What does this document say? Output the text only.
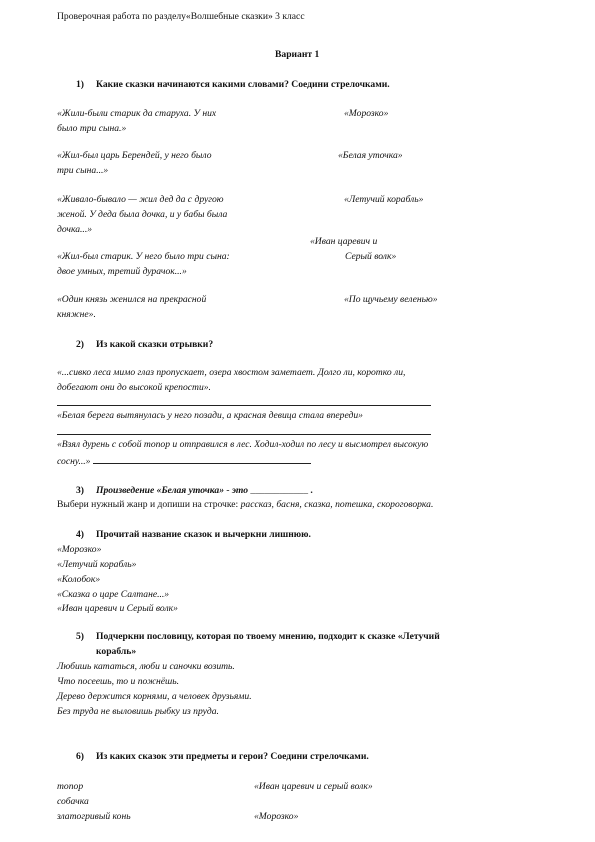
Проверочная работа по разделу«Волшебные сказки» 3 класс
Вариант 1
1) Какие сказки начинаются какими словами? Соедини стрелочками.
«Жили-были старик да старуха. У них
было три сына.»
«Жил-был царь Берендей, у него было
три сына...»
«Живало-бывало — жил дед да с другою
женой. У деда была дочка, и у бабы была
дочка...»
«Жил-был старик. У него было три сына:
двое умных, третий дурачок...»
«Один князь женился на прекрасной
княжне».
«Морозко»
«Белая уточка»
«Летучий корабль»
«Иван царевич и
Серый волк»
«По щучьему веленью»
2) Из какой сказки отрывки?
«...сивко леса мимо глаз пропускает, озера хвостом заметает. Долго ли, коротко ли,
добегают они до высокой крепости».
«Белая берега вытянулась у него позади, а красная девица стала впереди»
«Взял дурень с собой топор и отправился в лес. Ходил-ходил по лесу и высмотрел высокую
сосну...»
3) Произведение «Белая уточка» - это ____________ .
Выбери нужный жанр и допиши на строчке: рассказ, басня, сказка, потешка, скороговорка.
4) Прочитай название сказок и вычеркни лишнюю.
«Морозко»
«Летучий корабль»
«Колобок»
«Сказка о царе Салтане...»
«Иван царевич и Серый волк»
5) Подчеркни пословицу, которая по твоему мнению, подходит к сказке «Летучий
корабль»
Любишь кататься, люби и саночки возить.
Что посеешь, то и пожнёшь.
Дерево держится корнями, а человек друзьями.
Без труда не выловишь рыбку из пруда.
6) Из каких сказок эти предметы и герои? Соедини стрелочками.
топор
собачка
златогривый конь
«Иван царевич и серый волк»
«Морозко»
